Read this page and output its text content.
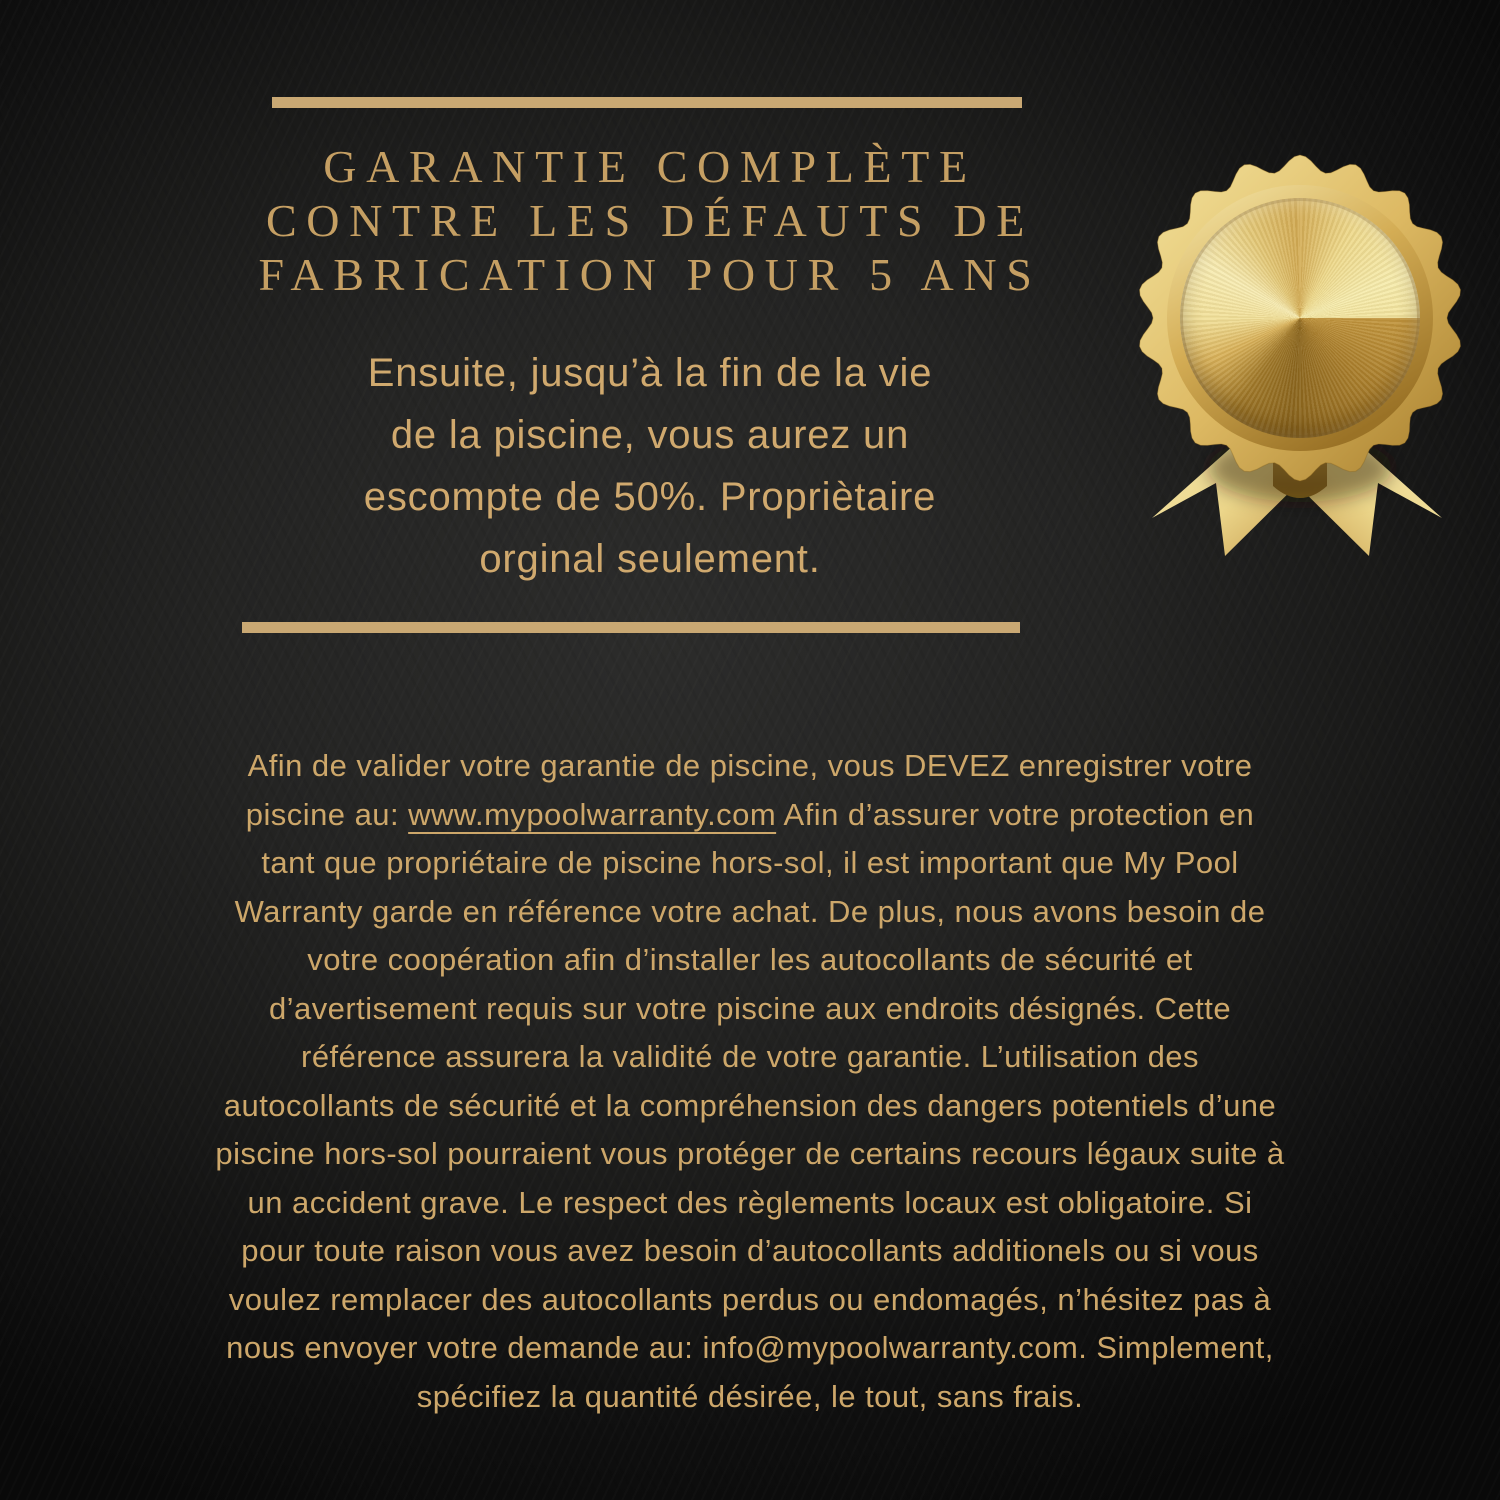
GARANTIE COMPLÈTE
CONTRE LES DÉFAUTS DE
FABRICATION POUR 5 ANS
Ensuite, jusqu’à la fin de la vie
de la piscine, vous aurez un
escompte de 50%. Propriètaire
orginal seulement.

Afin de valider votre garantie de piscine, vous DEVEZ enregistrer votre

piscine au: www.mypoolwarranty.com Afin d’assurer votre protection en

tant que propriétaire de piscine hors-sol, il est important que My Pool

Warranty garde en référence votre achat. De plus, nous avons besoin de

votre coopération afin d’installer les autocollants de sécurité et

d’avertisement requis sur votre piscine aux endroits désignés. Cette

référence assurera la validité de votre garantie. L’utilisation des

autocollants de sécurité et la compréhension des dangers potentiels d’une

piscine hors-sol pourraient vous protéger de certains recours légaux suite à

un accident grave. Le respect des règlements locaux est obligatoire. Si

pour toute raison vous avez besoin d’autocollants additionels ou si vous

voulez remplacer des autocollants perdus ou endomagés, n’hésitez pas à

nous envoyer votre demande au: info@mypoolwarranty.com. Simplement,

spécifiez la quantité désirée, le tout, sans frais.
